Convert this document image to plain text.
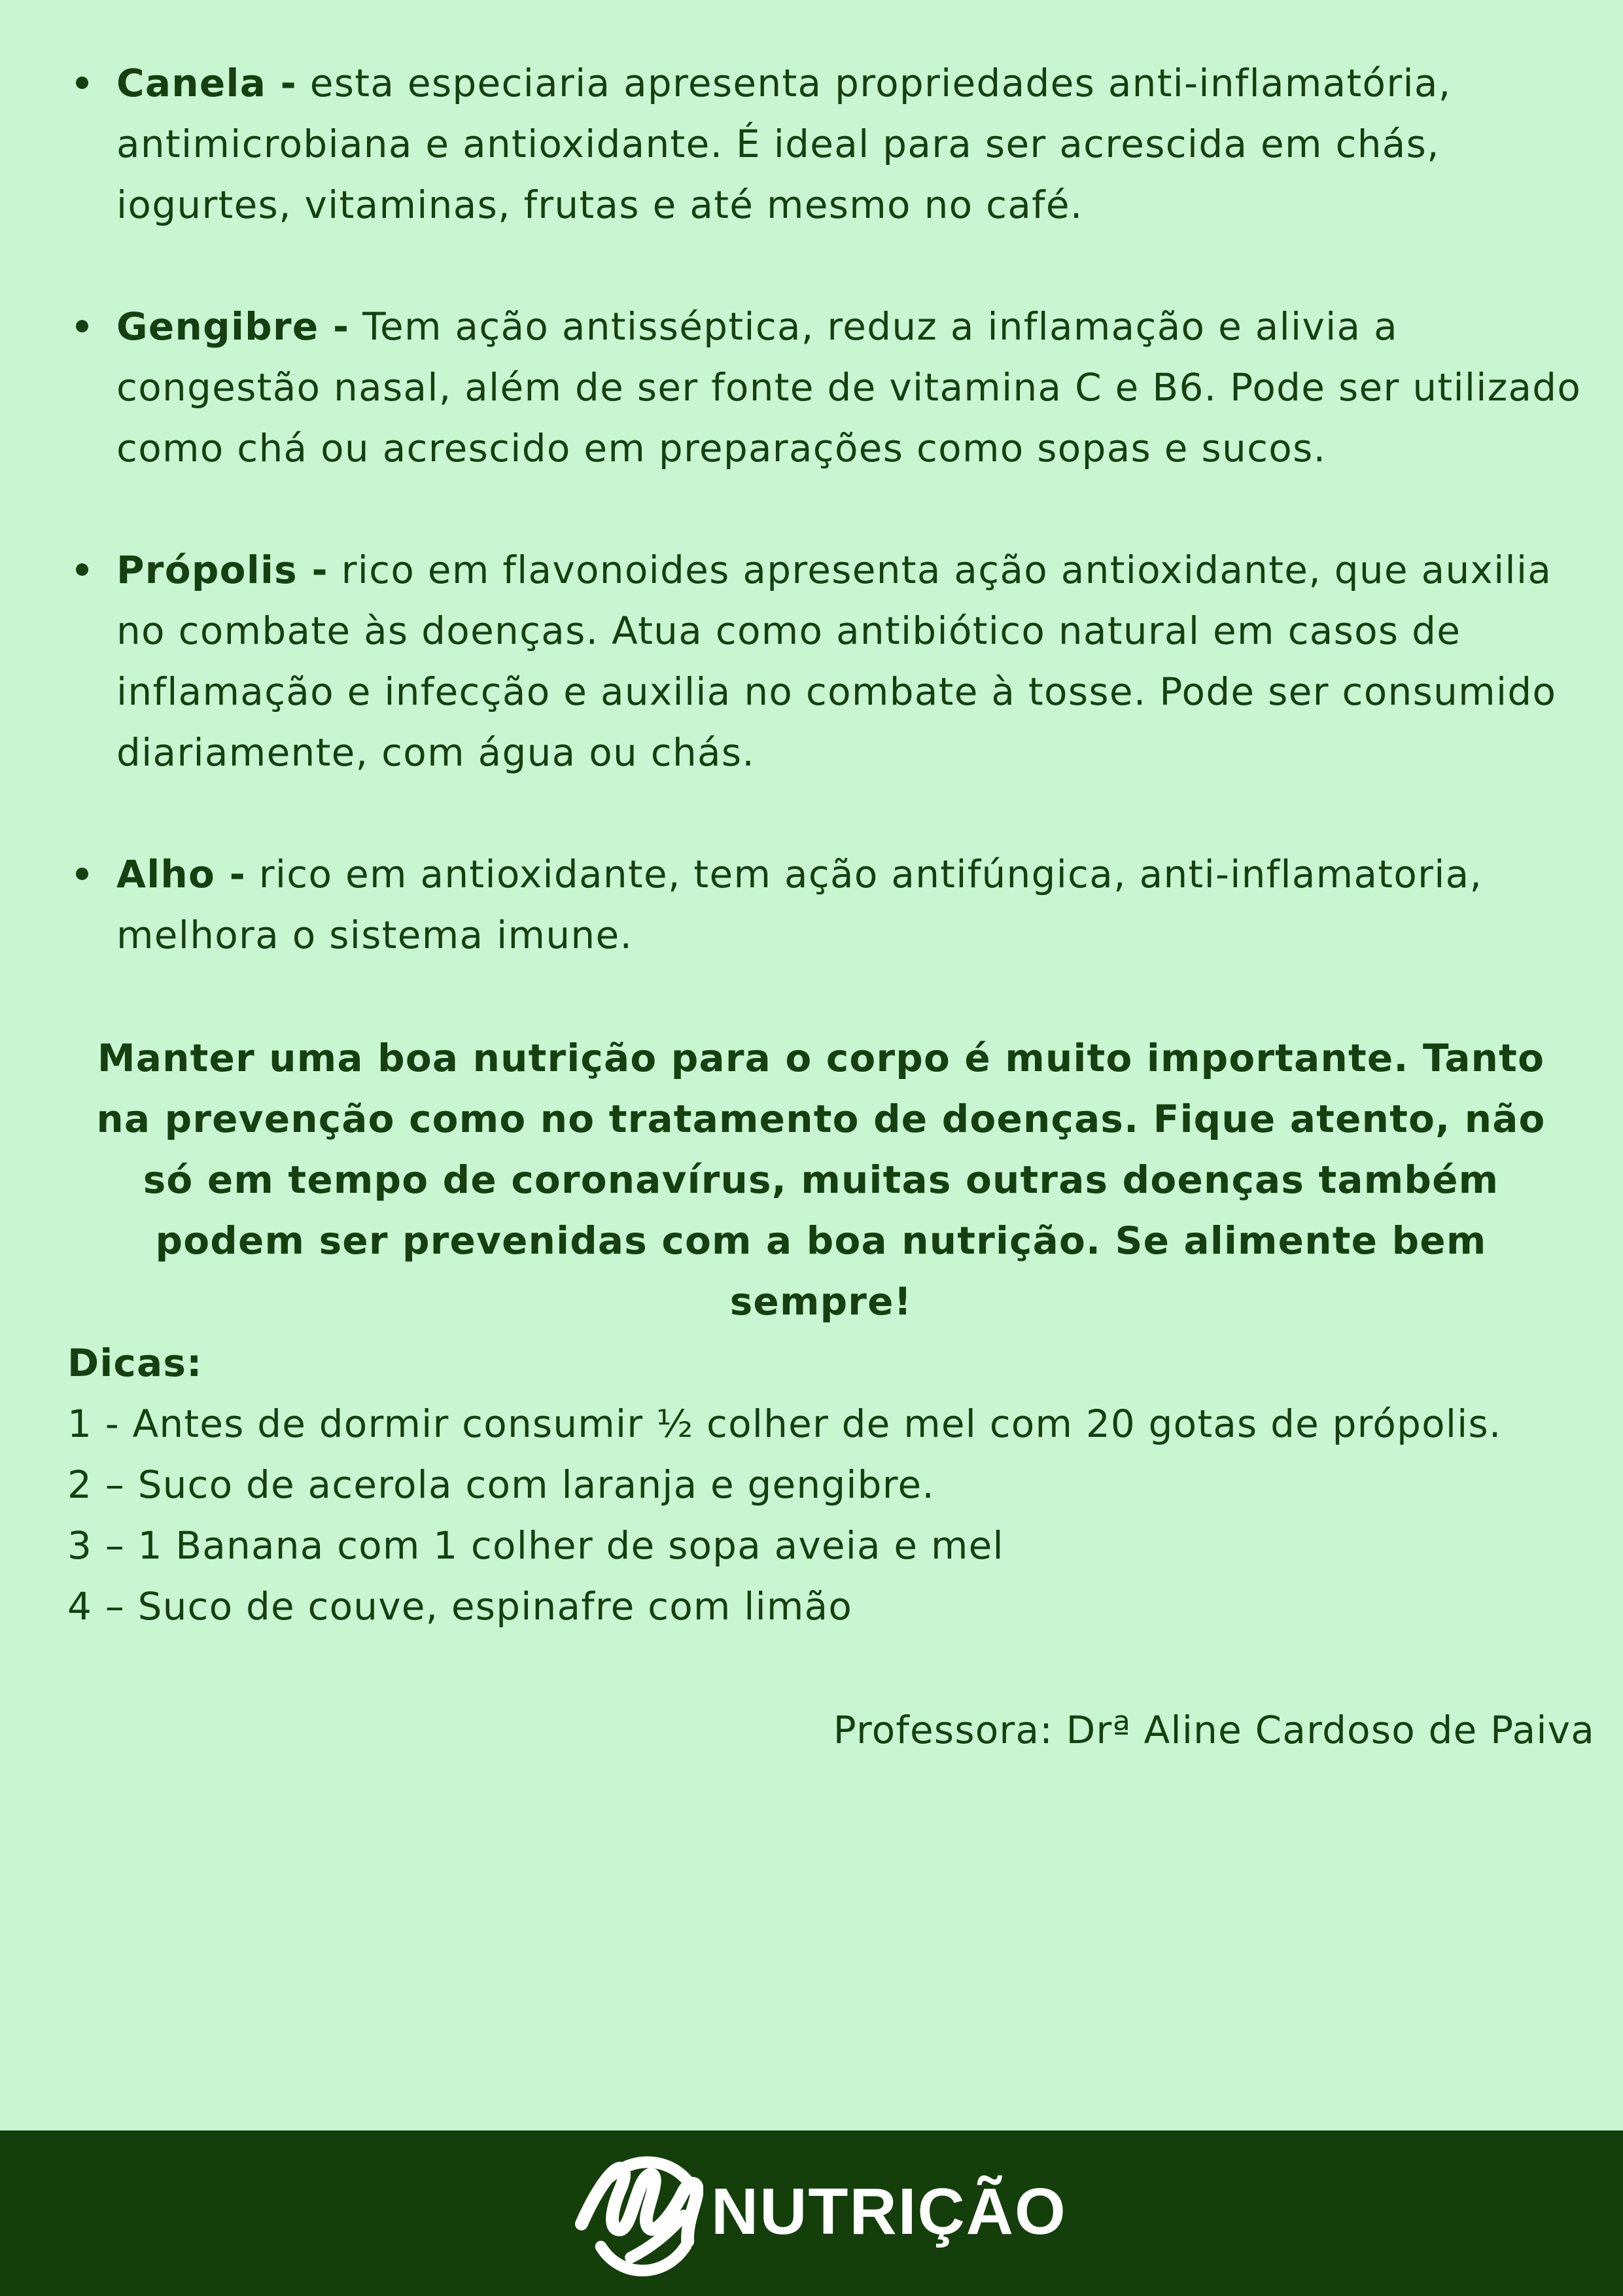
Canela - esta especiaria apresenta propriedades anti-inflamatória, antimicrobiana e antioxidante. É ideal para ser acrescida em chás, iogurtes, vitaminas, frutas e até mesmo no café.
Gengibre - Tem ação antisséptica, reduz a inflamação e alivia a congestão nasal, além de ser fonte de vitamina C e B6. Pode ser utilizado como chá ou acrescido em preparações como sopas e sucos.
Própolis - rico em flavonoides apresenta ação antioxidante, que auxilia no combate às doenças. Atua como antibiótico natural em casos de inflamação e infecção e auxilia no combate à tosse. Pode ser consumido diariamente, com água ou chás.
Alho - rico em antioxidante, tem ação antifúngica, anti-inflamatoria, melhora o sistema imune.
Manter uma boa nutrição para o corpo é muito importante. Tanto na prevenção como no tratamento de doenças. Fique atento, não só em tempo de coronavírus, muitas outras doenças também podem ser prevenidas com a boa nutrição. Se alimente bem sempre!
Dicas:
1 - Antes de dormir consumir ½ colher de mel com 20 gotas de própolis.
2 – Suco de acerola com laranja e gengibre.
3 – 1 Banana com 1 colher de sopa aveia e mel
4 – Suco de couve, espinafre com limão
Professora: Drª Aline Cardoso de Paiva
NUTRIÇÃO
